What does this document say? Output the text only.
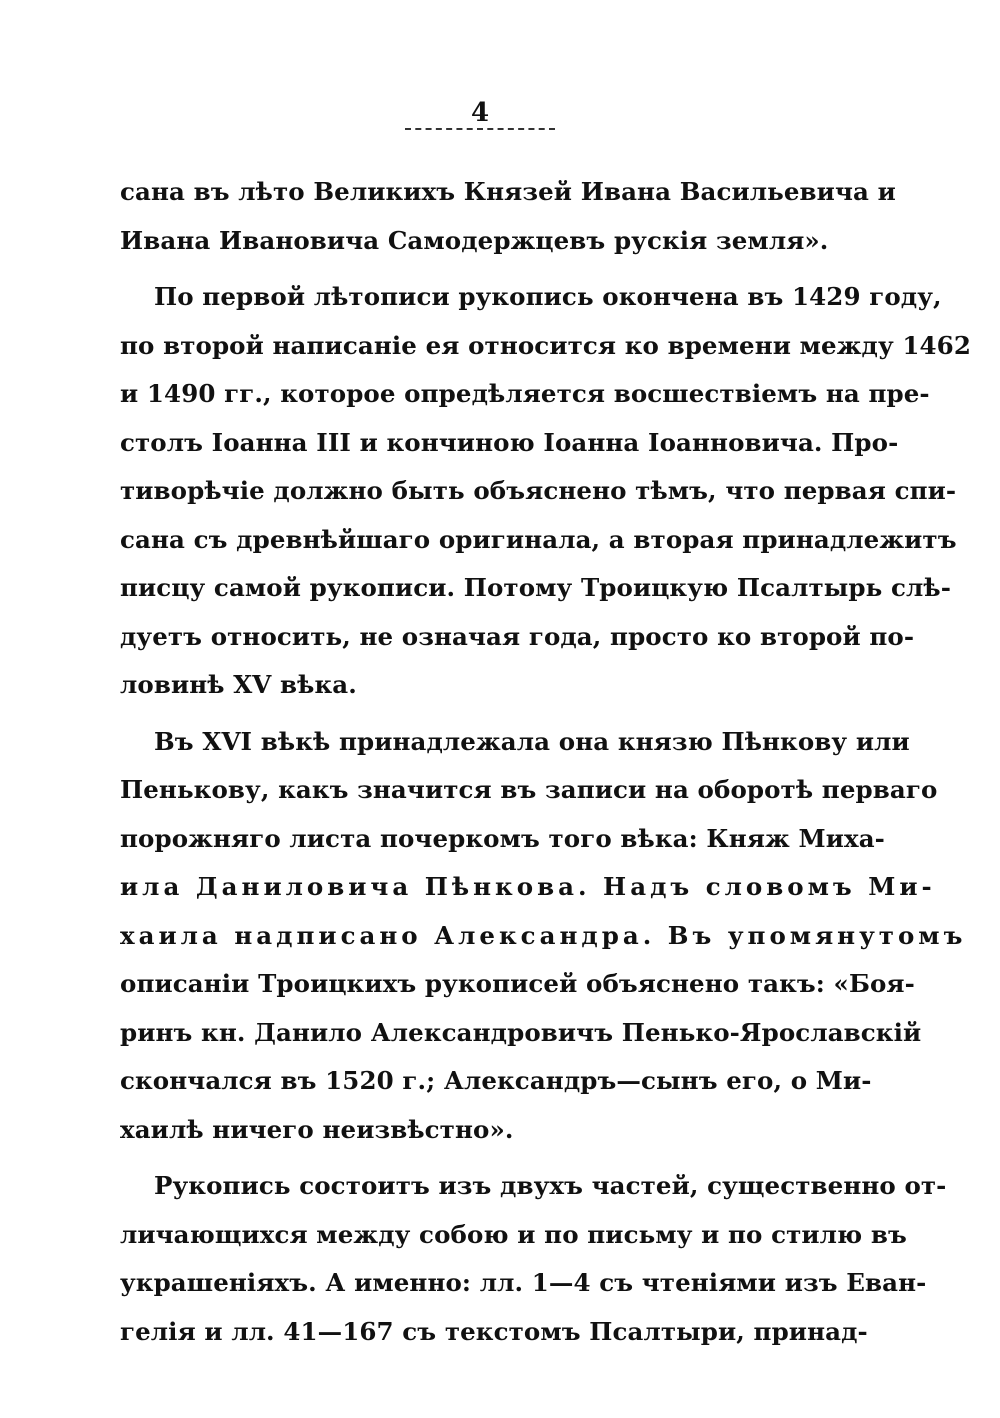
4
сана въ лѣто Великихъ Князей Ивана Васильевича и
Ивана Ивановича Самодержцевъ рускія земля».
По первой лѣтописи рукопись окончена въ 1429 году,
по второй написаніе ея относится ко времени между 1462
и 1490 гг., которое опредѣляется восшествіемъ на пре-
столъ Іоанна III и кончиною Іоанна Іоанновича. Про-
тиворѣчіе должно быть объяснено тѣмъ, что первая спи-
сана съ древнѣйшаго оригинала, а вторая принадлежитъ
писцу самой рукописи. Потому Троицкую Псалтырь слѣ-
дуетъ относить, не означая года, просто ко второй по-
ловинѣ XV вѣка.
Въ XVI вѣкѣ принадлежала она князю Пѣнкову или
Пенькову, какъ значится въ записи на оборотѣ перваго
порожняго листа почеркомъ того вѣка: Княж Миха-
ила Даниловича Пѣнкова. Надъ словомъ Ми-
хаила надписано Александра. Въ упомянутомъ
описаніи Троицкихъ рукописей объяснено такъ: «Боя-
ринъ кн. Данило Александровичъ Пенько-Ярославскій
скончался въ 1520 г.; Александръ—сынъ его, о Ми-
хаилѣ ничего неизвѣстно».
Рукопись состоитъ изъ двухъ частей, существенно от-
личающихся между собою и по письму и по стилю въ
украшеніяхъ. А именно: лл. 1—4 съ чтеніями изъ Еван-
гелія и лл. 41—167 съ текстомъ Псалтыри, принад-
